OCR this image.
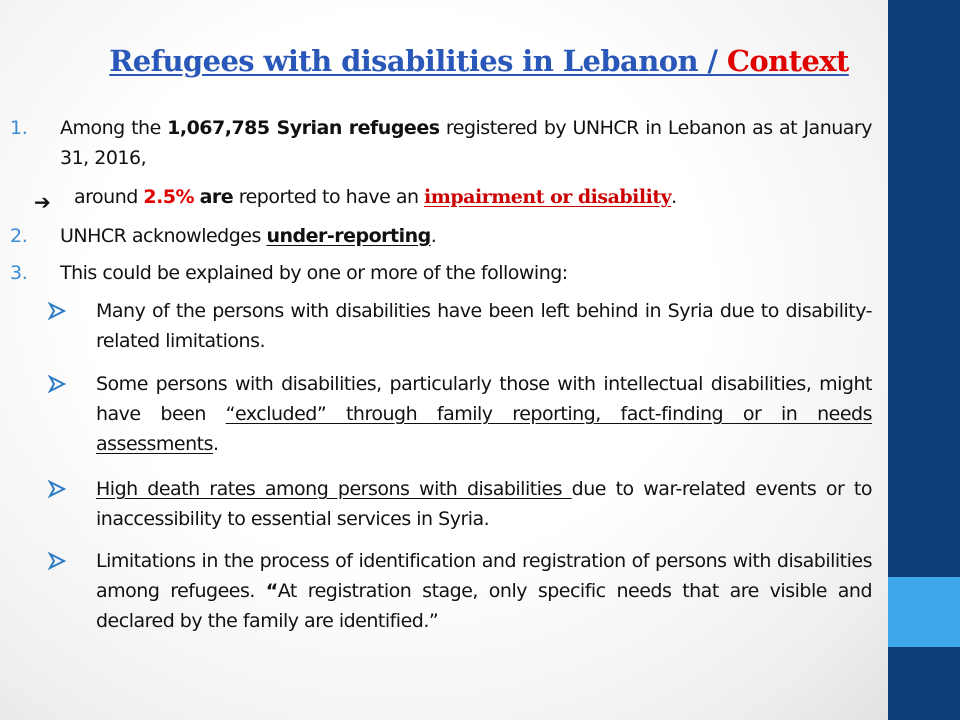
Refugees with disabilities in Lebanon / Context
1. Among the 1,067,785 Syrian refugees registered by UNHCR in Lebanon as at January 31, 2016,
➔ around 2.5% are reported to have an impairment or disability.
2. UNHCR acknowledges under-reporting.
3. This could be explained by one or more of the following:
Many of the persons with disabilities have been left behind in Syria due to disability-related limitations.
Some persons with disabilities, particularly those with intellectual disabilities, might have been “excluded” through family reporting, fact-finding or in needs assessments.
High death rates among persons with disabilities due to war-related events or to inaccessibility to essential services in Syria.
Limitations in the process of identification and registration of persons with disabilities among refugees. “At registration stage, only specific needs that are visible and declared by the family are identified.”
